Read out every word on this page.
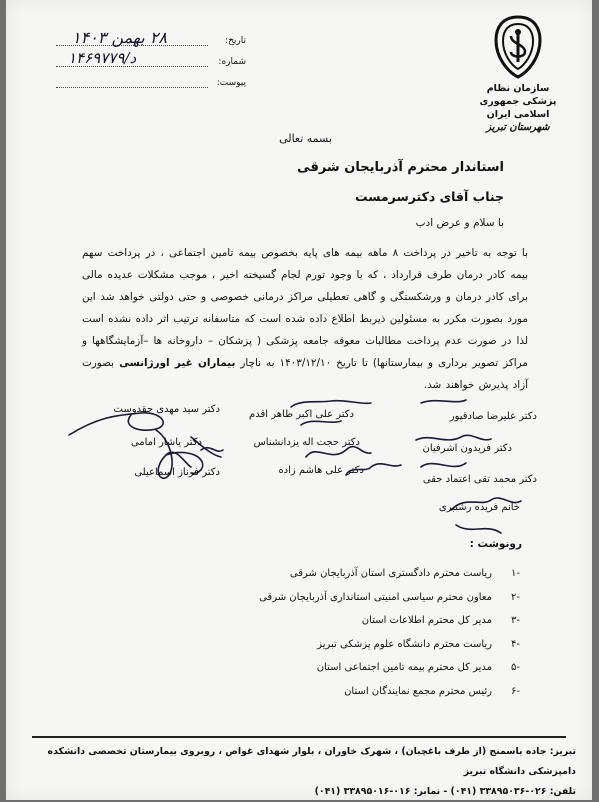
سازمان نظام پزشکی جمهوری اسلامی ایران
شهرستان تبریز
تاریخ:
۲۸ بهمن ۱۴۰۳
شماره:
د/۱۴۶۹۷۷۹
پیوست:
بسمه تعالی
استاندار محترم آذربایجان شرقی
جناب آقای دکترسرمست
با سلام و عرض ادب
با توجه به تاخیر در پرداخت ۸ ماهه بیمه های پایه بخصوص بیمه تامین اجتماعی ، در پرداخت سهم بیمه کادر درمان طرف قرارداد ، که با وجود تورم لجام گسیخته اخیر ، موجب مشکلات عدیده مالی برای کادر درمان و ورشکستگی و گاهی تعطیلی مراکز درمانی خصوصی و حتی دولتی خواهد شد این مورد بصورت مکرر به مسئولین ذیربط اطلاع داده شده است که متاسفانه ترتیب اثر داده نشده است لذا در صورت عدم پرداخت مطالبات معوقه جامعه پزشکی ( پزشکان – داروخانه ها –آزمایشگاهها و مراکز تصویر برداری و بیمارستانها) تا تاریخ ۱۴۰۳/۱۲/۱۰ به ناچار بیماران غیر اورژانسی بصورت آزاد پذیرش خواهند شد.
دکتر سید مهدی حقدوست	دکتر علی اکبر طاهر اقدم	دکتر علیرضا صادقپور
دکتر یاشار امامی	دکتر حجت اله یزدانشناس
دکتر فریدون اشرفیان
دکتر فرناز اسماعیلی	دکتر علی هاشم زاده
دکتر محمد تقی اعتماد حقی
خانم فریده رشتبری
رونوشت :
-۱
ریاست محترم دادگستری استان آذربایجان شرقی
-۲
معاون محترم سیاسی امنیتی استانداری آذربایجان شرقی
-۳
مدیر کل محترم اطلاعات استان
-۴
ریاست محترم دانشگاه علوم پزشکی تبریز
-۵
مدیر کل محترم بیمه تامین اجتماعی استان
-۶
رئیس محترم مجمع نمایندگان استان
تبریز: جاده باسمنج (از طرف باغچبان) ، شهرک خاوران ، بلوار شهدای غواص ، روبروی بیمارستان تخصصی دانشکده دامپزشکی دانشگاه تبریز
تلفن: ۰۲۶-۳۳۸۹۵۰۳۶ (۰۴۱) - نمابر: ۰۱۶-۳۳۸۹۵۰۱۶ (۰۴۱)
